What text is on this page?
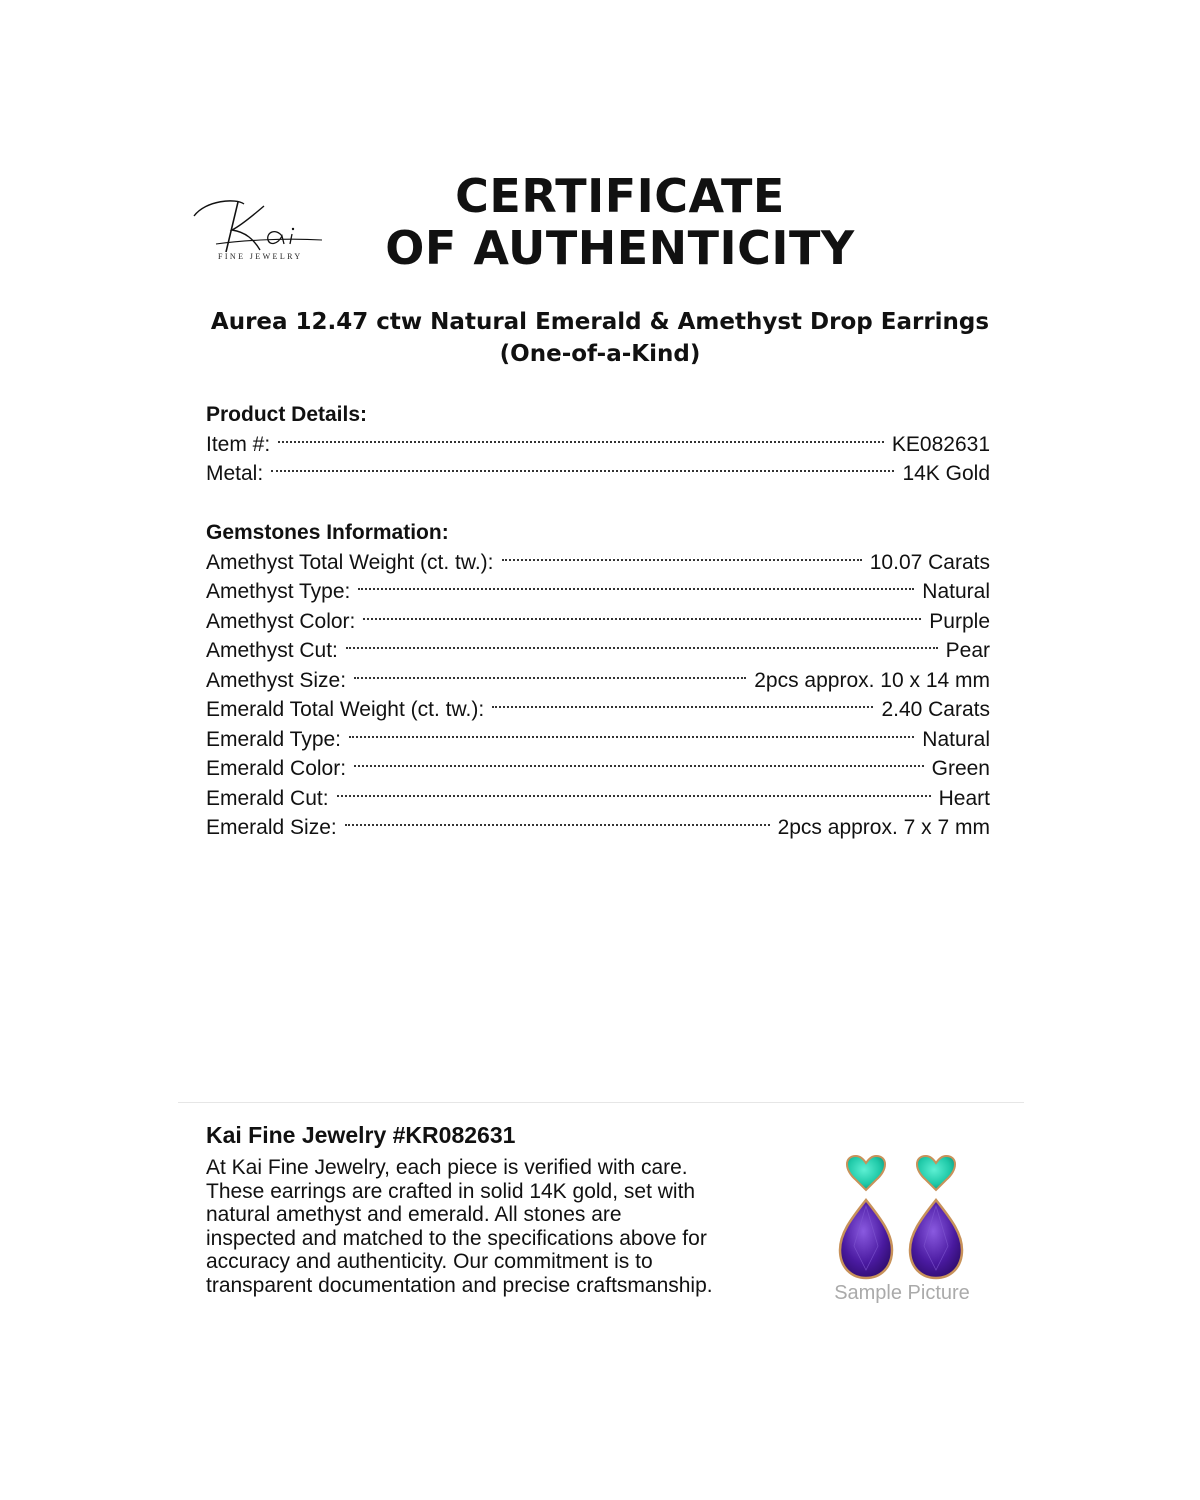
FINE JEWELRY
CERTIFICATE
OF AUTHENTICITY
Aurea 12.47 ctw Natural Emerald & Amethyst Drop Earrings
(One-of-a-Kind)
Product Details:
Item #:	KE082631
Metal:	14K Gold
Gemstones Information:
Amethyst Total Weight (ct. tw.):	10.07 Carats
Amethyst Type:	Natural
Amethyst Color:	Purple
Amethyst Cut:	Pear
Amethyst Size:	2pcs approx. 10 x 14 mm
Emerald Total Weight (ct. tw.):	2.40 Carats
Emerald Type:	Natural
Emerald Color:	Green
Emerald Cut:	Heart
Emerald Size:	2pcs approx. 7 x 7 mm
Kai Fine Jewelry #KR082631
At Kai Fine Jewelry, each piece is verified with care.
These earrings are crafted in solid 14K gold, set with
natural amethyst and emerald. All stones are
inspected and matched to the specifications above for
accuracy and authenticity. Our commitment is to
transparent documentation and precise craftsmanship.	Sample Picture
